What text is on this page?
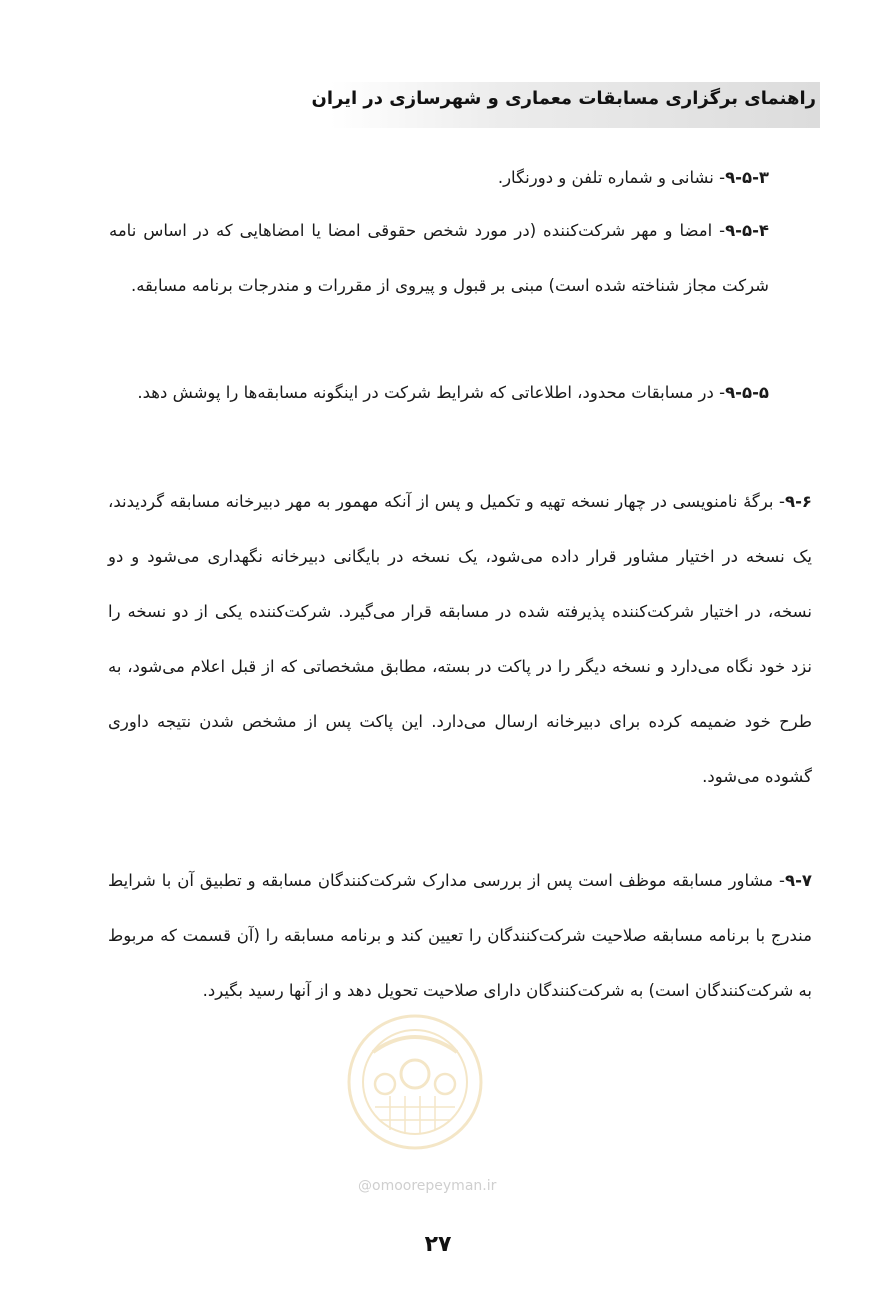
راهنمای برگزاری مسابقات معماری و شهرسازی در ایران

۹-۵-۳- نشانی و شماره تلفن و دورنگار.

۹-۵-۴- امضا و مهر شرکت‌کننده (در مورد شخص حقوقی امضا یا امضاهایی که در اساس نامه شرکت مجاز شناخته شده است) مبنی بر قبول و پیروی از مقررات و مندرجات برنامه مسابقه.

۹-۵-۵- در مسابقات محدود، اطلاعاتی که شرایط شرکت در اینگونه مسابقه‌ها را پوشش دهد.

۹-۶- برگهٔ نامنویسی در چهار نسخه تهیه و تکمیل و پس از آنکه مهمور به مهر دبیرخانه مسابقه گردیدند، یک نسخه در اختیار مشاور قرار داده می‌شود، یک نسخه در بایگانی دبیرخانه نگهداری می‌شود و دو نسخه، در اختیار شرکت‌کننده پذیرفته شده در مسابقه قرار می‌گیرد. شرکت‌کننده یکی از دو نسخه را نزد خود نگاه می‌دارد و نسخه دیگر را در پاکت در بسته، مطابق مشخصاتی که از قبل اعلام می‌شود، به طرح خود ضمیمه کرده برای دبیرخانه ارسال می‌دارد. این پاکت پس از مشخص شدن نتیجه داوری گشوده می‌شود.

۹-۷- مشاور مسابقه موظف است پس از بررسی مدارک شرکت‌کنندگان مسابقه و تطبیق آن با شرایط مندرج با برنامه مسابقه صلاحیت شرکت‌کنندگان را تعیین کند و برنامه مسابقه را (آن قسمت که مربوط به شرکت‌کنندگان است) به شرکت‌کنندگان دارای صلاحیت تحویل دهد و از آنها رسید بگیرد.

@omoorepeyman.ir
۲۷
